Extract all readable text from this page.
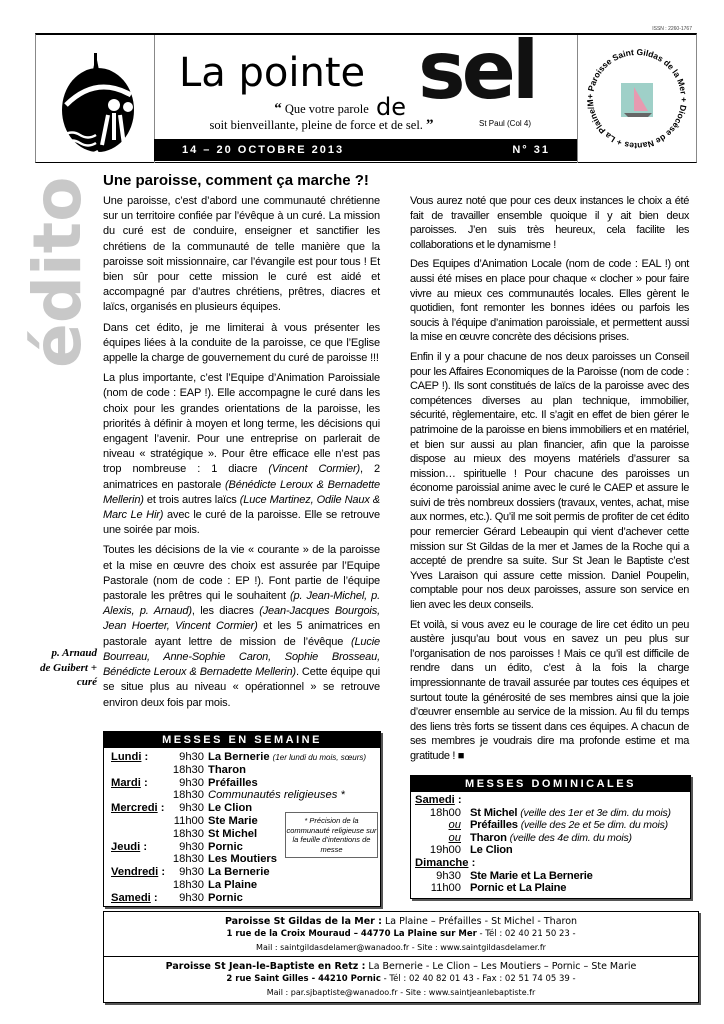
ISSN : 2260-1767
La pointe
de sel
“ Que votre parole
soit bienveillante, pleine de force et de sel. ”	St Paul (Col 4)
14 – 20 OCTOBRE 2013	N° 31
+ Paroisse Saint Gildas de la Mer + Diocèse de Nantes + La Plaine/M
édito Une paroisse, comment ça marche ?!

Une paroisse, c’est d’abord une communauté chrétienne sur un territoire confiée par l’évêque à un curé. La mission du curé est de conduire, enseigner et sanctifier les chrétiens de la communauté de telle manière que la paroisse soit missionnaire, car l’évangile est pour tous ! Et bien sûr pour cette mission le curé est aidé et accompagné par d’autres chrétiens, prêtres, diacres et laïcs, organisés en plusieurs équipes.

Dans cet édito, je me limiterai à vous présenter les équipes liées à la conduite de la paroisse, ce que l’Eglise appelle la charge de gouvernement du curé de paroisse !!!

La plus importante, c’est l’Equipe d’Animation Paroissiale (nom de code : EAP !). Elle accompagne le curé dans les choix pour les grandes orientations de la paroisse, les priorités à définir à moyen et long terme, les décisions qui engagent l’avenir. Pour une entreprise on parlerait de niveau « stratégique ». Pour être efficace elle n’est pas trop nombreuse : 1 diacre (Vincent Cormier), 2 animatrices en pastorale (Bénédicte Leroux & Bernadette Mellerin) et trois autres laïcs (Luce Martinez, Odile Naux & Marc Le Hir) avec le curé de la paroisse. Elle se retrouve une soirée par mois.

Toutes les décisions de la vie « courante » de la paroisse et la mise en œuvre des choix est assurée par l’Equipe Pastorale (nom de code : EP !). Font partie de l’équipe pastorale les prêtres qui le souhaitent (p. Jean-Michel, p. Alexis, p. Arnaud), les diacres (Jean-Jacques Bourgois, Jean Hoerter, Vincent Cormier) et les 5 animatrices en pastorale ayant lettre de mission de l’évêque (Lucie Bourreau, Anne-Sophie Caron, Sophie Brosseau, Bénédicte Leroux & Bernadette Mellerin). Cette équipe qui se situe plus au niveau « opérationnel » se retrouve environ deux fois par mois.

Vous aurez noté que pour ces deux instances le choix a été fait de travailler ensemble quoique il y ait bien deux paroisses. J’en suis très heureux, cela facilite les collaborations et le dynamisme !

Des Equipes d’Animation Locale (nom de code : EAL !) ont aussi été mises en place pour chaque « clocher » pour faire vivre au mieux ces communautés locales. Elles gèrent le quotidien, font remonter les bonnes idées ou parfois les soucis à l’équipe d’animation paroissiale, et permettent aussi la mise en œuvre concrète des décisions prises.

Enfin il y a pour chacune de nos deux paroisses un Conseil pour les Affaires Economiques de la Paroisse (nom de code : CAEP !). Ils sont constitués de laïcs de la paroisse avec des compétences diverses au plan technique, immobilier, sécurité, règlementaire, etc. Il s’agit en effet de bien gérer le patrimoine de la paroisse en biens immobiliers et en matériel, et bien sur aussi au plan financier, afin que la paroisse dispose au mieux des moyens matériels d’assurer sa mission… spirituelle ! Pour chacune des paroisses un économe paroissial anime avec le curé le CAEP et assure le suivi de très nombreux dossiers (travaux, ventes, achat, mise aux normes, etc.). Qu’il me soit permis de profiter de cet édito pour remercier Gérard Lebeaupin qui vient d’achever cette mission sur St Gildas de la mer et James de la Roche qui a accepté de prendre sa suite. Sur St Jean le Baptiste c’est Yves Laraison qui assure cette mission. Daniel Poupelin, comptable pour nos deux paroisses, assure son service en lien avec les deux conseils.

Et voilà, si vous avez eu le courage de lire cet édito un peu austère jusqu’au bout vous en savez un peu plus sur l’organisation de nos paroisses ! Mais ce qu’il est difficile de rendre dans un édito, c’est à la fois la charge impressionnante de travail assurée par toutes ces équipes et surtout toute la générosité de ses membres ainsi que la joie d’œuvrer ensemble au service de la mission. Au fil du temps des liens très forts se tissent dans ces équipes. A chacun de ses membres je voudrais dire ma profonde estime et ma gratitude ! ■

p. Arnaud
de Guibert +
curé
MESSES EN SEMAINE
Lundi :	9h30 La Bernerie (1er lundi du mois, sœurs)
18h30 Tharon
Mardi :	9h30 Préfailles
18h30 Communautés religieuses *
Mercredi :	9h30 Le Clion
11h00 Ste Marie
18h30 St Michel
Jeudi :	9h30 Pornic
18h30 Les Moutiers
Vendredi :	9h30 La Bernerie
18h30 La Plaine
Samedi :	9h30 Pornic
* Précision de la communauté religieuse sur la feuille d’intentions de messe
MESSES DOMINICALES
Samedi :
18h00 St Michel (veille des 1er et 3e dim. du mois)
ou Préfailles (veille des 2e et 5e dim. du mois)
ou Tharon (veille des 4e dim. du mois)
19h00 Le Clion
Dimanche :
9h30 Ste Marie et La Bernerie
11h00 Pornic et La Plaine
Paroisse St Gildas de la Mer : La Plaine – Préfailles - St Michel - Tharon
1 rue de la Croix Mouraud – 44770 La Plaine sur Mer - Tél : 02 40 21 50 23 -
Mail : saintgildasdelamer@wanadoo.fr - Site : www.saintgildasdelamer.fr
Paroisse St Jean-le-Baptiste en Retz : La Bernerie - Le Clion – Les Moutiers – Pornic – Ste Marie
2 rue Saint Gilles - 44210 Pornic - Tél : 02 40 82 01 43 - Fax : 02 51 74 05 39 -
Mail : par.sjbaptiste@wanadoo.fr - Site : www.saintjeanlebaptiste.fr
